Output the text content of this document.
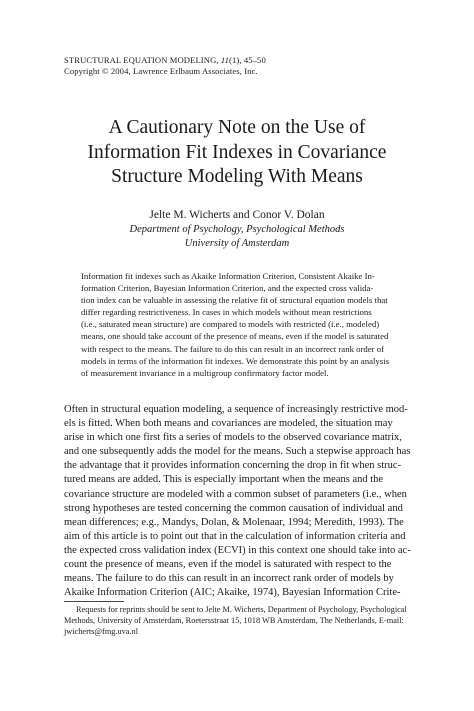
STRUCTURAL EQUATION MODELING, 11(1), 45–50
Copyright © 2004, Lawrence Erlbaum Associates, Inc.
A Cautionary Note on the Use of
Information Fit Indexes in Covariance
Structure Modeling With Means
Jelte M. Wicherts and Conor V. Dolan
Department of Psychology, Psychological Methods
University of Amsterdam
Information fit indexes such as Akaike Information Criterion, Consistent Akaike In-
formation Criterion, Bayesian Information Criterion, and the expected cross valida-
tion index can be valuable in assessing the relative fit of structural equation models that
differ regarding restrictiveness. In cases in which models without mean restrictions
(i.e., saturated mean structure) are compared to models with restricted (i.e., modeled)
means, one should take account of the presence of means, even if the model is saturated
with respect to the means. The failure to do this can result in an incorrect rank order of
models in terms of the information fit indexes. We demonstrate this point by an analysis
of measurement invariance in a multigroup confirmatory factor model.
Often in structural equation modeling, a sequence of increasingly restrictive mod-
els is fitted. When both means and covariances are modeled, the situation may
arise in which one first fits a series of models to the observed covariance matrix,
and one subsequently adds the model for the means. Such a stepwise approach has
the advantage that it provides information concerning the drop in fit when struc-
tured means are added. This is especially important when the means and the
covariance structure are modeled with a common subset of parameters (i.e., when
strong hypotheses are tested concerning the common causation of individual and
mean differences; e.g., Mandys, Dolan, & Molenaar, 1994; Meredith, 1993). The
aim of this article is to point out that in the calculation of information criteria and
the expected cross validation index (ECVI) in this context one should take into ac-
count the presence of means, even if the model is saturated with respect to the
means. The failure to do this can result in an incorrect rank order of models by
Akaike Information Criterion (AIC; Akaike, 1974), Bayesian Information Crite-
Requests for reprints should be sent to Jelte M. Wicherts, Department of Psychology, Psychological
Methods, University of Amsterdam, Roetersstraat 15, 1018 WB Amsterdam, The Netherlands, E-mail:
jwicherts@fmg.uva.nl
